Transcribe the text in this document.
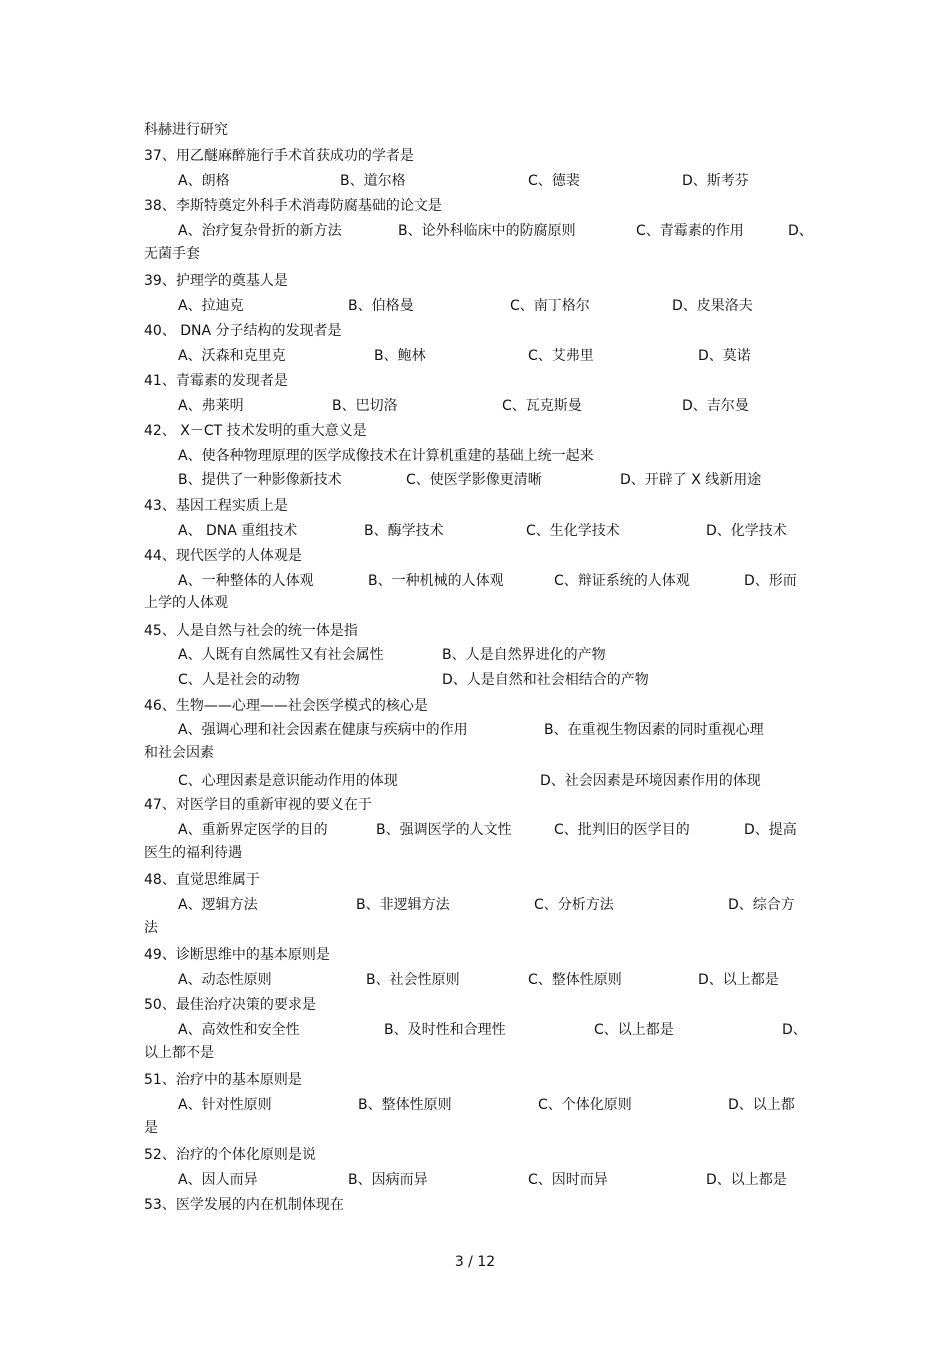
科赫进行研究
37、用乙醚麻醉施行手术首获成功的学者是
A、朗格	B、道尔格	C、德裴	D、斯考芬
38、李斯特奠定外科手术消毒防腐基础的论文是
A、治疗复杂骨折的新方法	B、论外科临床中的防腐原则	C、青霉素的作用	D、
无菌手套
39、护理学的奠基人是
A、拉迪克	B、伯格曼	C、南丁格尔	D、皮果洛夫
40、 DNA 分子结构的发现者是
A、沃森和克里克	B、鲍林	C、艾弗里	D、莫诺
41、青霉素的发现者是
A、弗莱明	B、巴切洛	C、瓦克斯曼	D、吉尔曼
42、 X－CT 技术发明的重大意义是
A、使各种物理原理的医学成像技术在计算机重建的基础上统一起来
B、提供了一种影像新技术	C、使医学影像更清晰	D、开辟了 X 线新用途
43、基因工程实质上是
A、 DNA 重组技术	B、酶学技术	C、生化学技术	D、化学技术
44、现代医学的人体观是
A、一种整体的人体观	B、一种机械的人体观	C、辩证系统的人体观	D、形而
上学的人体观
45、人是自然与社会的统一体是指
A、人既有自然属性又有社会属性	B、人是自然界进化的产物
C、人是社会的动物	D、人是自然和社会相结合的产物
46、生物——心理——社会医学模式的核心是
A、强调心理和社会因素在健康与疾病中的作用	B、在重视生物因素的同时重视心理
和社会因素
C、心理因素是意识能动作用的体现	D、社会因素是环境因素作用的体现
47、对医学目的重新审视的要义在于
A、重新界定医学的目的	B、强调医学的人文性	C、批判旧的医学目的	D、提高
医生的福利待遇
48、直觉思维属于
A、逻辑方法	B、非逻辑方法	C、分析方法	D、综合方
法
49、诊断思维中的基本原则是
A、动态性原则	B、社会性原则	C、整体性原则	D、以上都是
50、最佳治疗决策的要求是
A、高效性和安全性	B、及时性和合理性	C、以上都是	D、
以上都不是
51、治疗中的基本原则是
A、针对性原则	B、整体性原则	C、个体化原则	D、以上都
是
52、治疗的个体化原则是说
A、因人而异	B、因病而异	C、因时而异	D、以上都是
53、医学发展的内在机制体现在
3 / 12
